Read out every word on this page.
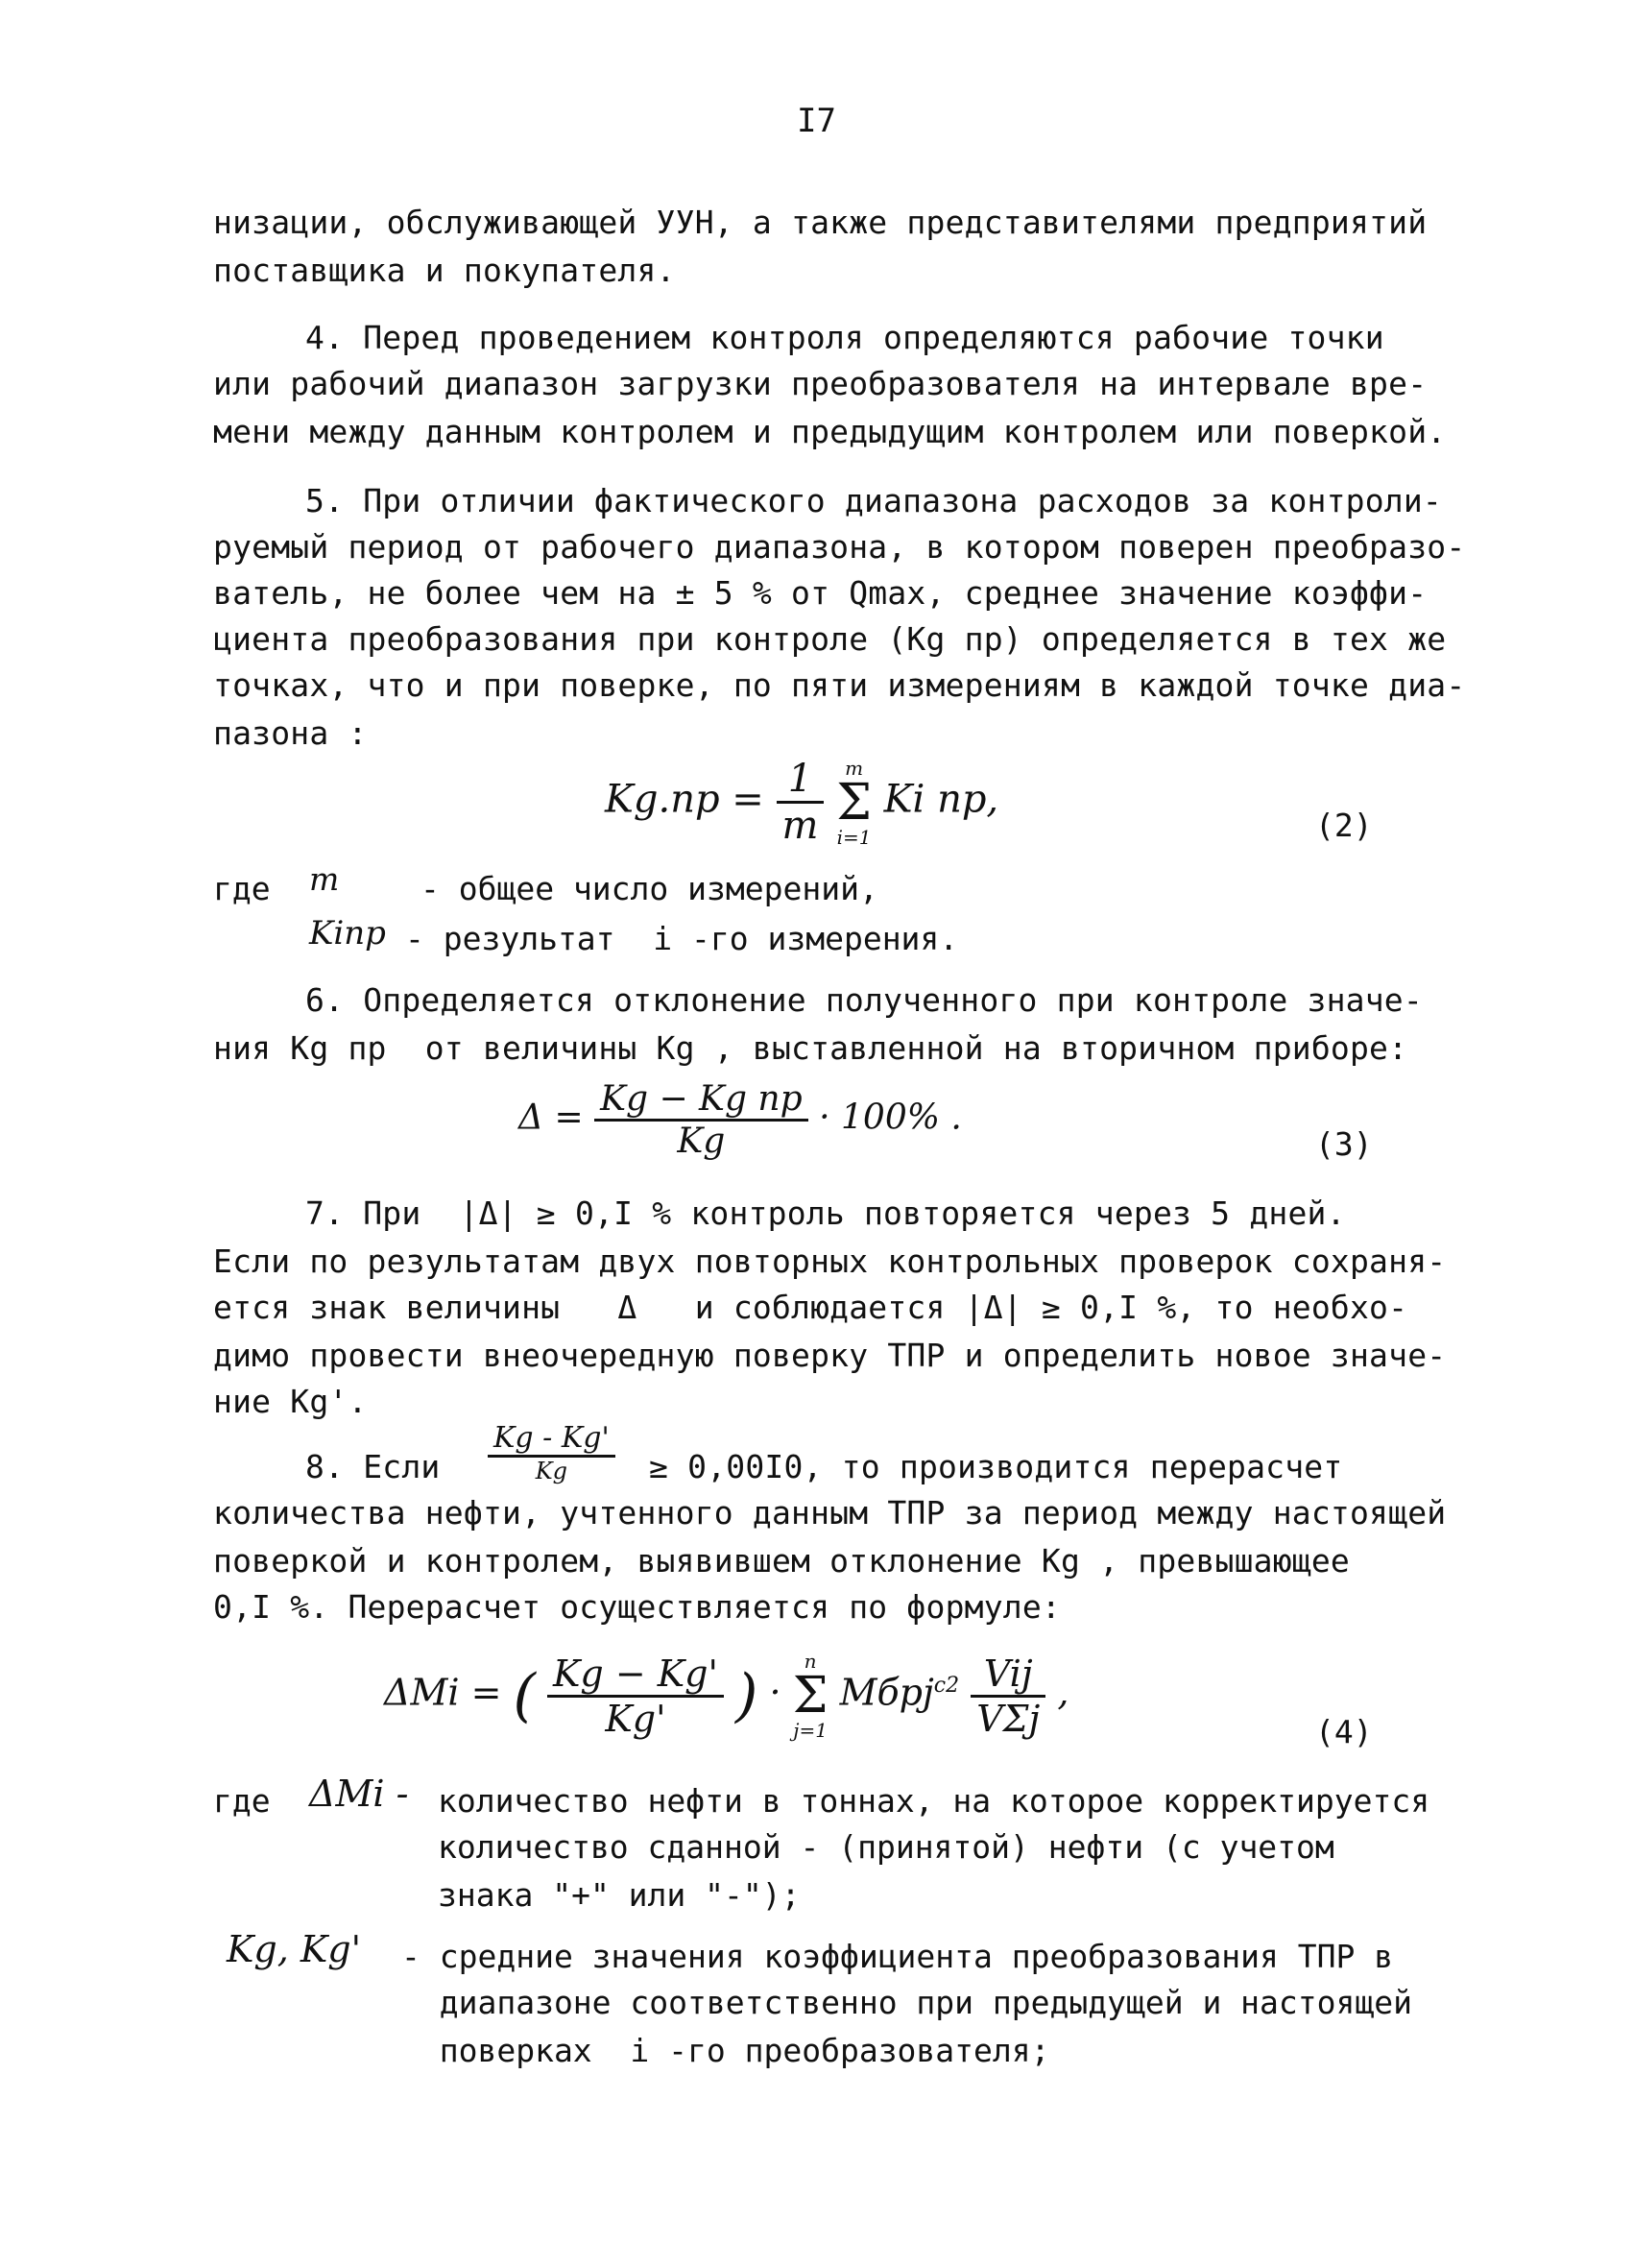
I7
низации, обслуживающей УУН, а также представителями предприятий
поставщика и покупателя.
4. Перед проведением контроля определяются рабочие точки
или рабочий диапазон загрузки преобразователя на интервале вре-
мени между данным контролем и предыдущим контролем или поверкой.
5. При отличии фактического диапазона расходов за контроли-
руемый период от рабочего диапазона, в котором поверен преобразо-
ватель, не более чем на ± 5 % от Qmax, среднее значение коэффи-
циента преобразования при контроле (Kg пр) определяется в тех же
точках, что и при поверке, по пяти измерениям в каждой точке диа-
пазона :
$Kg.пр = \frac{1}{m}$ m
Σ
i=1 Ki пр,
(2)
где m	- общее число измерений,
Kiпр - результат  i -го измерения.
6. Определяется отклонение полученного при контроле значе-
ния Kg пр  от величины Kg , выставленной на вторичном приборе:
$\Delta = \frac{\text{Kg − Kg пр}}{Kg} \cdot 100\%$ .
(3)
7. При  |Δ| ≥ 0,I % контроль повторяется через 5 дней.
Если по результатам двух повторных контрольных проверок сохраня-
ется знак величины   Δ   и соблюдается |Δ| ≥ 0,I %, то необхо-
димо провести внеочередную поверку ТПР и определить новое значе-
ние Kg'.
8. Если $\frac{Kg - Kg'}{Kg} \ge 0,00I0$, то производится перерасчет
количества нефти, учтенного данным ТПР за период между настоящей
поверкой и контролем, выявившем отклонение Kg , превышающее
0,I %. Перерасчет осуществляется по формуле:
ΔMi = ( $\frac{Kg - Kg'}{Kg'}$ ) · n
Σ
j=1 Mбрj$^{c2}$ $\frac{\text{Vij}}{\text{VΣj}}$ ,
(4)
где ΔMi - количество нефти в тоннах, на которое корректируется
количество сданной - (принятой) нефти (с учетом
знака "+" или "-");
Kg, Kg' - средние значения коэффициента преобразования ТПР в
диапазоне соответственно при предыдущей и настоящей
поверках  i -го преобразователя;
